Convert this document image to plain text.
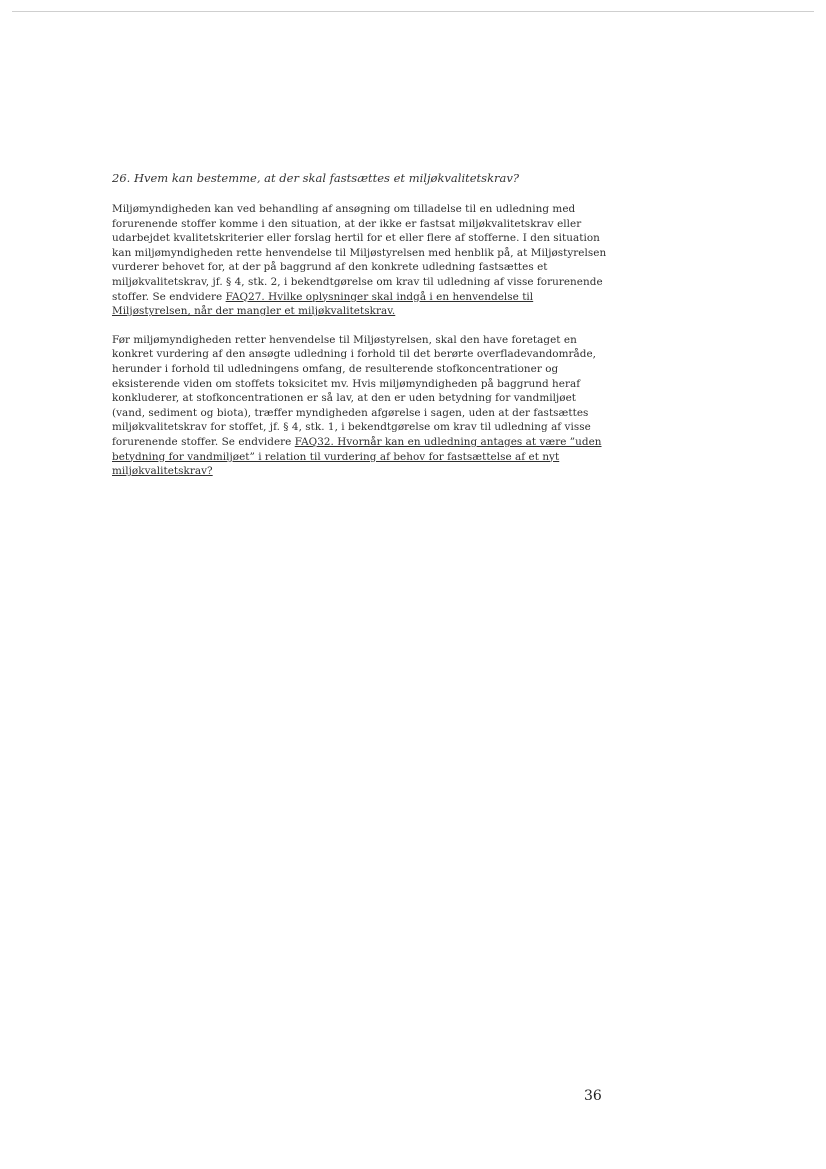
26. Hvem kan bestemme, at der skal fastsættes et miljøkvalitetskrav?

Miljømyndigheden kan ved behandling af ansøgning om tilladelse til en udledning med forurenende stoffer komme i den situation, at der ikke er fastsat miljøkvalitetskrav eller udarbejdet kvalitetskriterier eller forslag hertil for et eller flere af stofferne. I den situation kan miljømyndigheden rette henvendelse til Miljøstyrelsen med henblik på, at Miljøstyrelsen vurderer behovet for, at der på baggrund af den konkrete udledning fastsættes et miljøkvalitetskrav, jf. § 4, stk. 2, i bekendtgørelse om krav til udledning af visse forurenende stoffer. Se endvidere FAQ27. Hvilke oplysninger skal indgå i en henvendelse til Miljøstyrelsen, når der mangler et miljøkvalitetskrav.

Før miljømyndigheden retter henvendelse til Miljøstyrelsen, skal den have foretaget en konkret vurdering af den ansøgte udledning i forhold til det berørte overfladevandområde, herunder i forhold til udledningens omfang, de resulterende stofkoncentrationer og eksisterende viden om stoffets toksicitet mv. Hvis miljømyndigheden på baggrund heraf konkluderer, at stofkoncentrationen er så lav, at den er uden betydning for vandmiljøet (vand, sediment og biota), træffer myndigheden afgørelse i sagen, uden at der fastsættes miljøkvalitetskrav for stoffet, jf. § 4, stk. 1, i bekendtgørelse om krav til udledning af visse forurenende stoffer. Se endvidere FAQ32. Hvornår kan en udledning antages at være ”uden betydning for vandmiljøet” i relation til vurdering af behov for fastsættelse af et nyt miljøkvalitetskrav?

36
